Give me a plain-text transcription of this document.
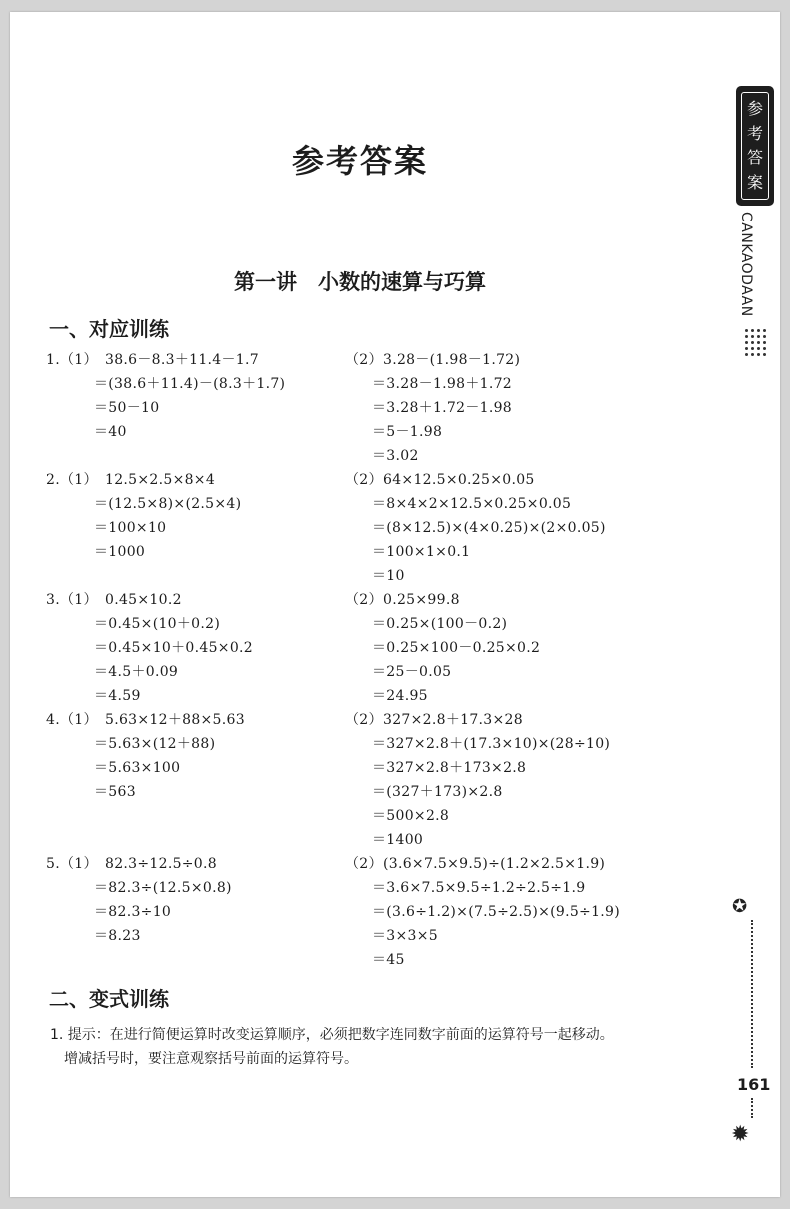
参考答案
第一讲　小数的速算与巧算
一、对应训练
1.（1） 38.6－8.3＋11.4－1.7
＝(38.6＋11.4)－(8.3＋1.7)
＝50－10
＝40
（2） 3.28－(1.98－1.72)
＝3.28－1.98＋1.72
＝3.28＋1.72－1.98
＝5－1.98
＝3.02
2.（1） 12.5×2.5×8×4
＝(12.5×8)×(2.5×4)
＝100×10
＝1000
（2） 64×12.5×0.25×0.05
＝8×4×2×12.5×0.25×0.05
＝(8×12.5)×(4×0.25)×(2×0.05)
＝100×1×0.1
＝10
3.（1） 0.45×10.2
＝0.45×(10＋0.2)
＝0.45×10＋0.45×0.2
＝4.5＋0.09
＝4.59
（2） 0.25×99.8
＝0.25×(100－0.2)
＝0.25×100－0.25×0.2
＝25－0.05
＝24.95
4.（1） 5.63×12＋88×5.63
＝5.63×(12＋88)
＝5.63×100
＝563
（2） 327×2.8＋17.3×28
＝327×2.8＋(17.3×10)×(28÷10)
＝327×2.8＋173×2.8
＝(327＋173)×2.8
＝500×2.8
＝1400
5.（1） 82.3÷12.5÷0.8
＝82.3÷(12.5×0.8)
＝82.3÷10
＝8.23
（2） (3.6×7.5×9.5)÷(1.2×2.5×1.9)
＝3.6×7.5×9.5÷1.2÷2.5÷1.9
＝(3.6÷1.2)×(7.5÷2.5)×(9.5÷1.9)
＝3×3×5
＝45
二、变式训练

1. 提示：在进行简便运算时改变运算顺序，必须把数字连同数字前面的运算符号一起移动。

增减括号时，要注意观察括号前面的运算符号。

参
考
答
案
CANKAODAAN
✪
161
✹
